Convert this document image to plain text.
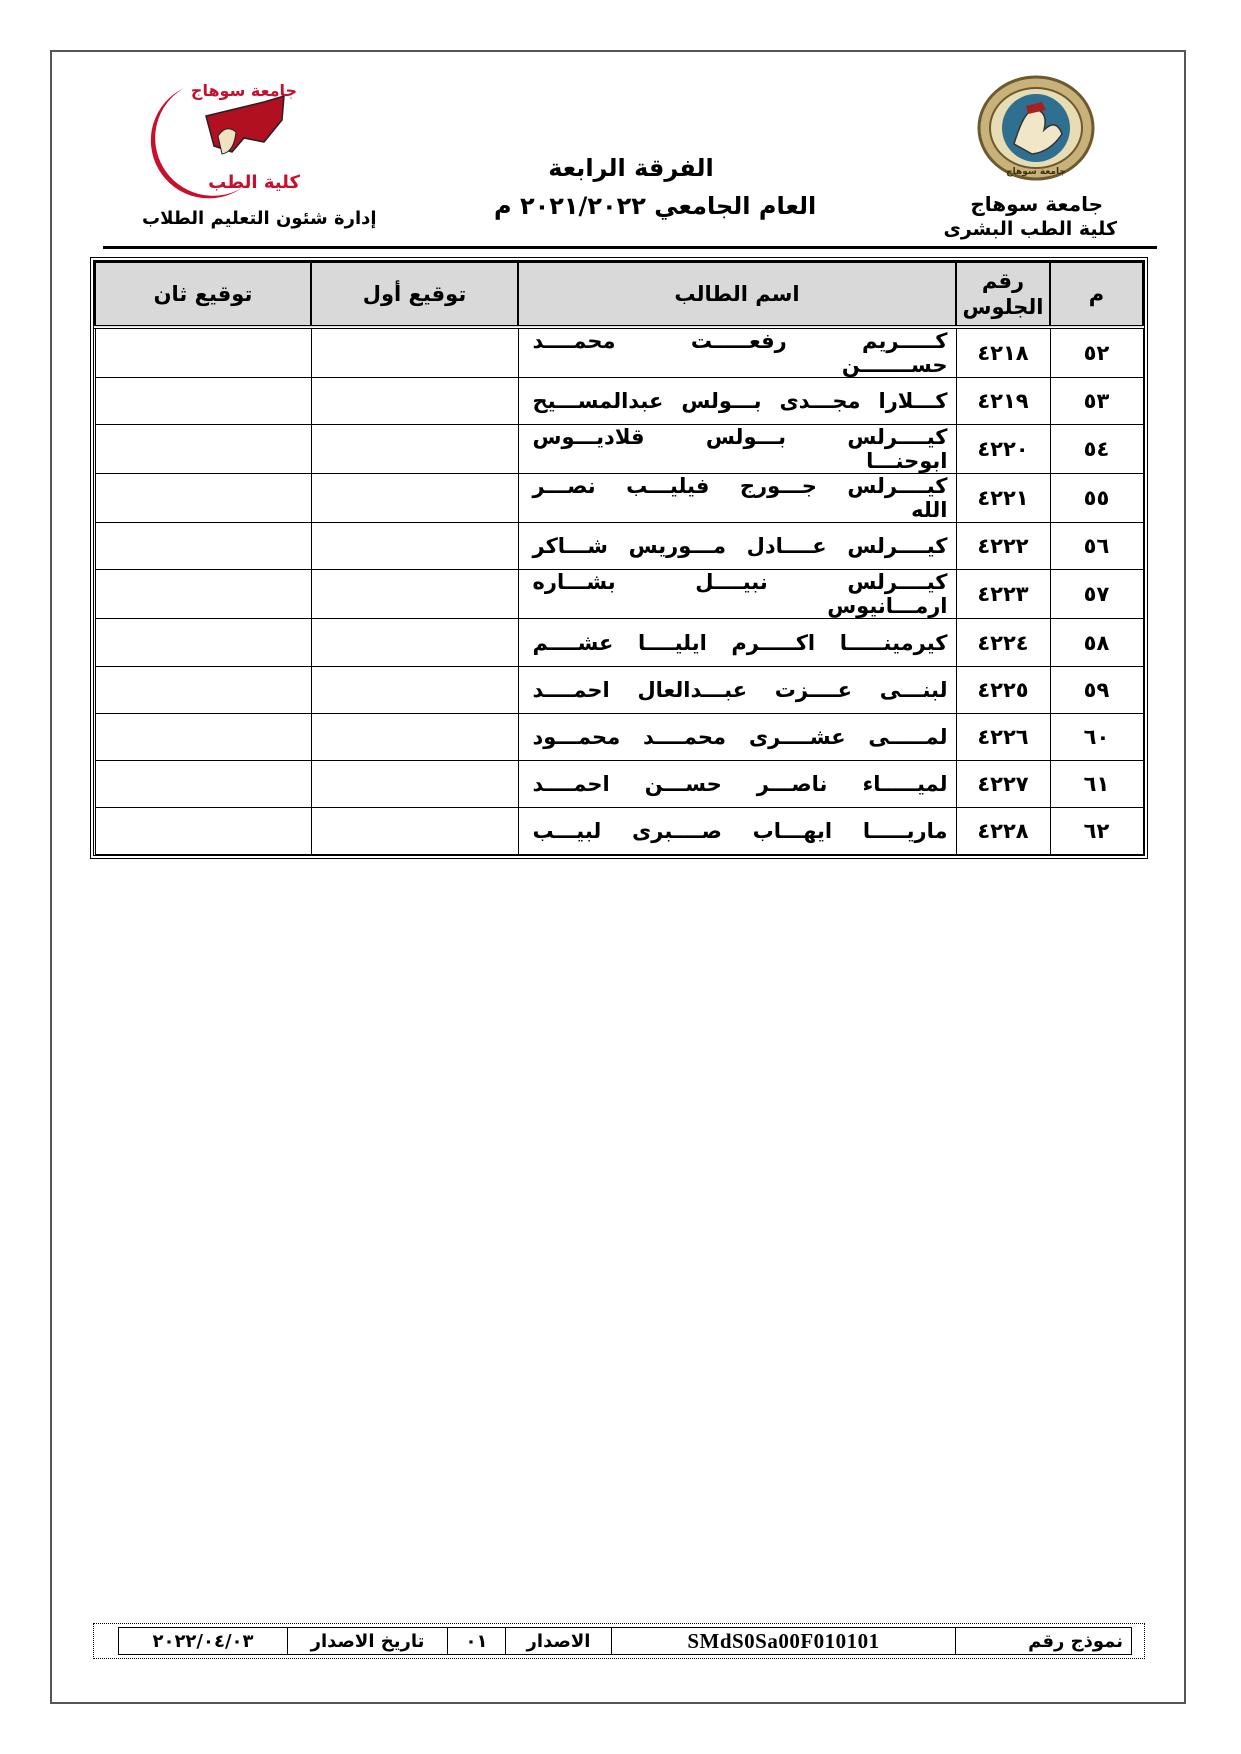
جامعة سوهاج
جامعة سوهاج
كلية الطب
جامعة سوهاج
كلية الطب البشرى
الفرقة الرابعة
العام الجامعي ٢٠٢١/٢٠٢٢ م
إدارة شئون التعليم الطلاب
م	رقم الجلوس	اسم الطالب	توقيع أول	توقيع ثان
٥٢	٤٢١٨	كـــــريم رفعـــــت محمــــد حســـــــن		
٥٣	٤٢١٩	كـــلارا مجـــدى بـــولس عبدالمســـيح		
٥٤	٤٢٢٠	كيــــرلس بـــولس قلاديـــوس ابوحنـــا		
٥٥	٤٢٢١	كيــــرلس جـــورج فيليـــب نصـــر الله		
٥٦	٤٢٢٢	كيــــرلس عــــادل مـــوريس شـــاكر		
٥٧	٤٢٢٣	كيــــرلس نبيــــل بشـــاره ارمـــانيوس		
٥٨	٤٢٢٤	كيرمينـــــا اكـــــرم ايليــــا عشــــم		
٥٩	٤٢٢٥	لبنـــى عــــزت عبـــدالعال احمــــد		
٦٠	٤٢٢٦	لمـــــى عشــــرى محمــــد محمـــود		
٦١	٤٢٢٧	لميـــــاء ناصـــر حســـن احمــــد		
٦٢	٤٢٢٨	ماريـــــا ايهـــاب صــــبرى لبيـــب		
نموذج رقم	SMdS0Sa00F010101	الاصدار	٠١	تاريخ الاصدار	٢٠٢٢/٠٤/٠٣
